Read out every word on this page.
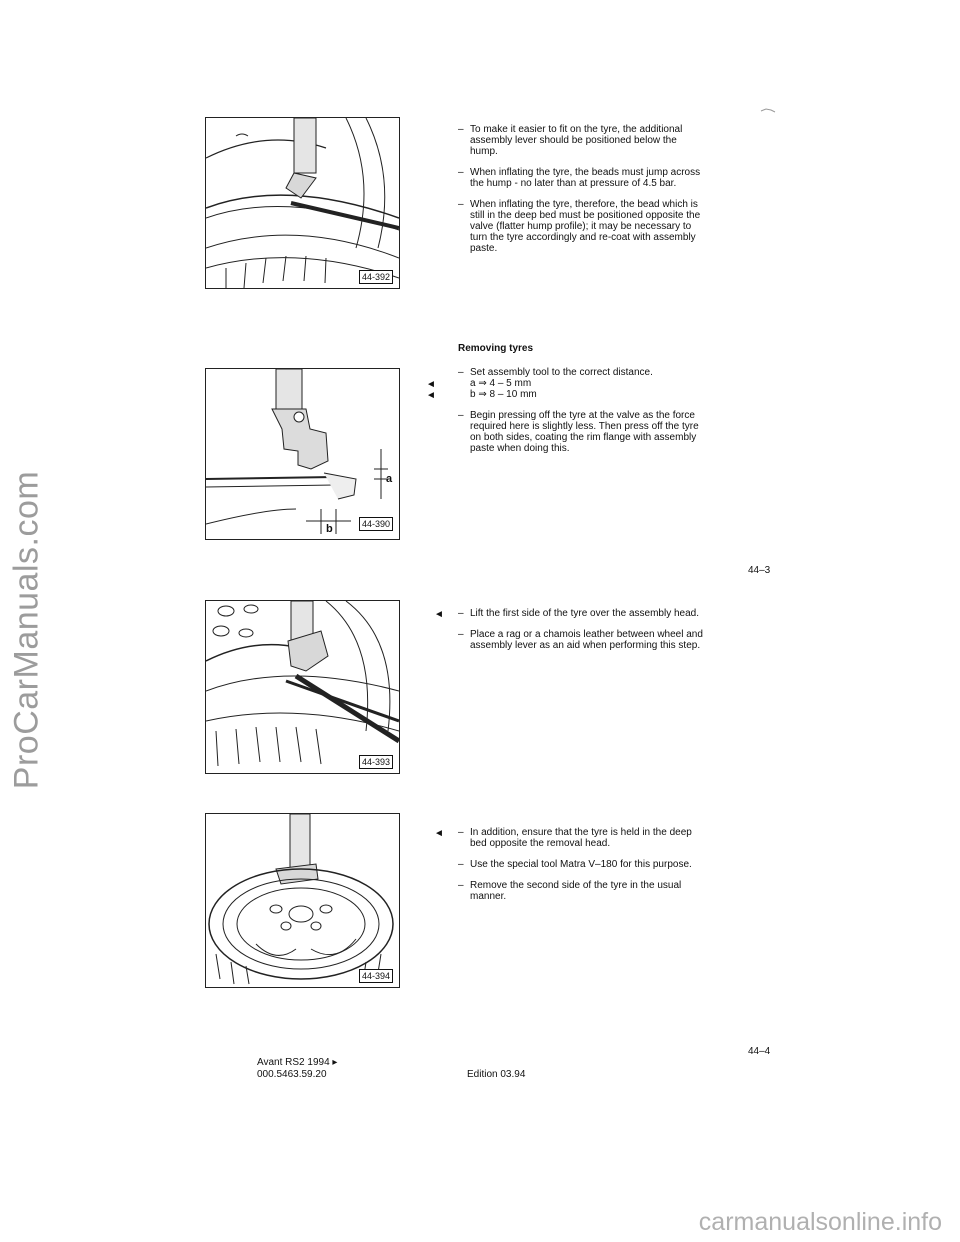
ProCarManuals.com
carmanualsonline.info
44-392
– To make it easier to fit on the tyre, the additional assembly lever should be positioned below the hump.
– When inflating the tyre, the beads must jump across the hump - no later than at pressure of 4.5 bar.
– When inflating the tyre, therefore, the bead which is still in the deep bed must be positioned opposite the valve (flatter hump profile); it may be necessary to turn the tyre accordingly and re-coat with assembly paste.
a
b	44-390
Removing tyres
– Set assembly tool to the correct distance.
◄	a ⇒ 4 – 5 mm
◄	b ⇒ 8 – 10 mm
– Begin pressing off the tyre at the valve as the force required here is slightly less. Then press off the tyre on both sides, coating the rim flange with assembly paste when doing this.
44–3
44-393
◄ – Lift the first side of the tyre over the assembly head.
– Place a rag or a chamois leather between wheel and assembly lever as an aid when performing this step.
44-394
◄ – In addition, ensure that the tyre is held in the deep bed opposite the removal head.
– Use the special tool Matra V–180 for this purpose.
– Remove the second side of the tyre in the usual manner.
Avant RS2 1994 ▸
000.5463.59.20	Edition 03.94
44–4
